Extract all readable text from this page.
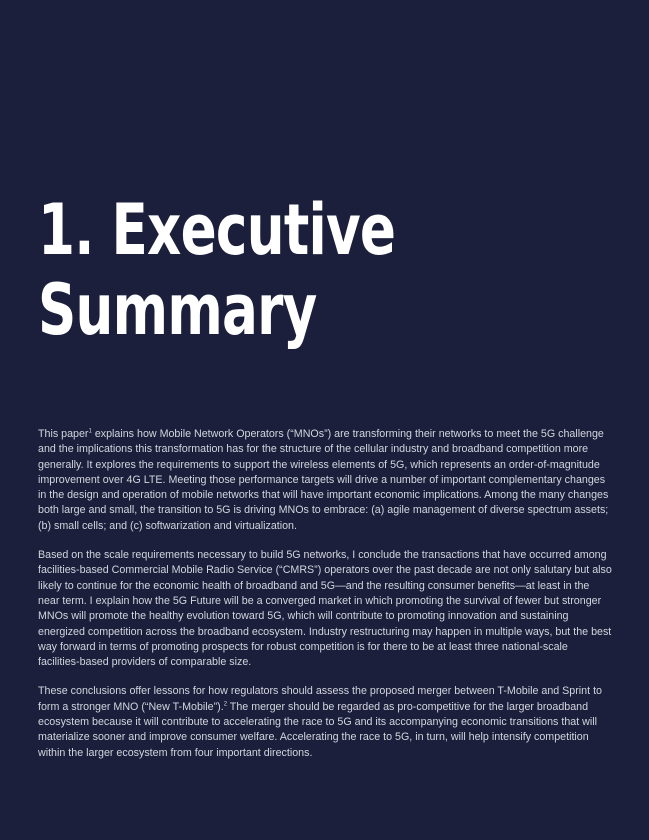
1. Executive
Summary

This paper$^1$ explains how Mobile Network Operators (“MNOs”) are transforming their networks to meet the 5G challenge and the implications this transformation has for the structure of the cellular industry and broadband competition more generally. It explores the requirements to support the wireless elements of 5G, which represents an order-of-magnitude improvement over 4G LTE. Meeting those performance targets will drive a number of important complementary changes in the design and operation of mobile networks that will have important economic implications. Among the many changes both large and small, the transition to 5G is driving MNOs to embrace: (a) agile management of diverse spectrum assets; (b) small cells; and (c) softwarization and virtualization.

Based on the scale requirements necessary to build 5G networks, I conclude the transactions that have occurred among facilities-based Commercial Mobile Radio Service (“CMRS”) operators over the past decade are not only salutary but also likely to continue for the economic health of broadband and 5G—and the resulting consumer benefits—at least in the near term. I explain how the 5G Future will be a converged market in which promoting the survival of fewer but stronger MNOs will promote the healthy evolution toward 5G, which will contribute to promoting innovation and sustaining energized competition across the broadband ecosystem. Industry restructuring may happen in multiple ways, but the best way forward in terms of promoting prospects for robust competition is for there to be at least three national-scale facilities-based providers of comparable size.

These conclusions offer lessons for how regulators should assess the proposed merger between T-Mobile and Sprint to form a stronger MNO (“New T-Mobile”).$^2$ The merger should be regarded as pro-competitive for the larger broadband ecosystem because it will contribute to accelerating the race to 5G and its accompanying economic transitions that will materialize sooner and improve consumer welfare. Accelerating the race to 5G, in turn, will help intensify competition within the larger ecosystem from four important directions.
